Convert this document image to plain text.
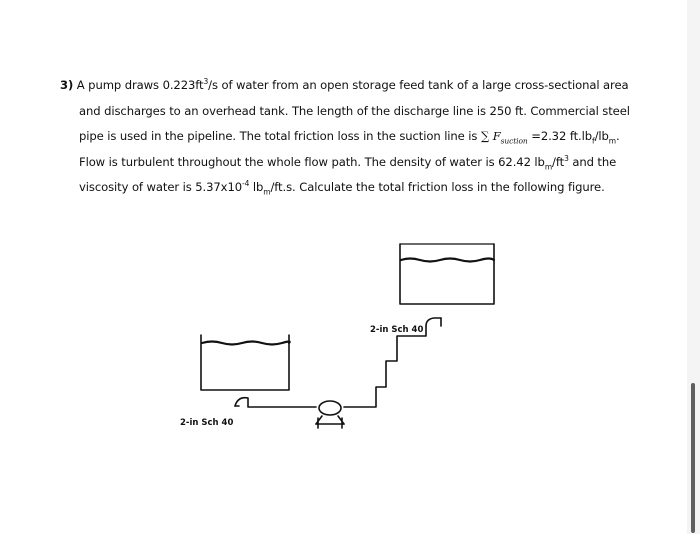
3) A pump draws $0.223ft^3/s$ of water from an open storage feed tank of a large cross-sectional area

and discharges to an overhead tank. The length of the discharge line is 250 ft. Commercial steel

pipe is used in the pipeline. The total friction loss in the suction line is ∑ $F_{suction} =2.32$ $ft.lb_f/lb_m$.

Flow is turbulent throughout the whole flow path. The density of water is 62.42 $lb_m/ft^3$ and the

viscosity of water is $5.37x10^{-4}$ $lb_m/ft.s$. Calculate the total friction loss in the following figure.

2-in Sch 40
2-in Sch 40
